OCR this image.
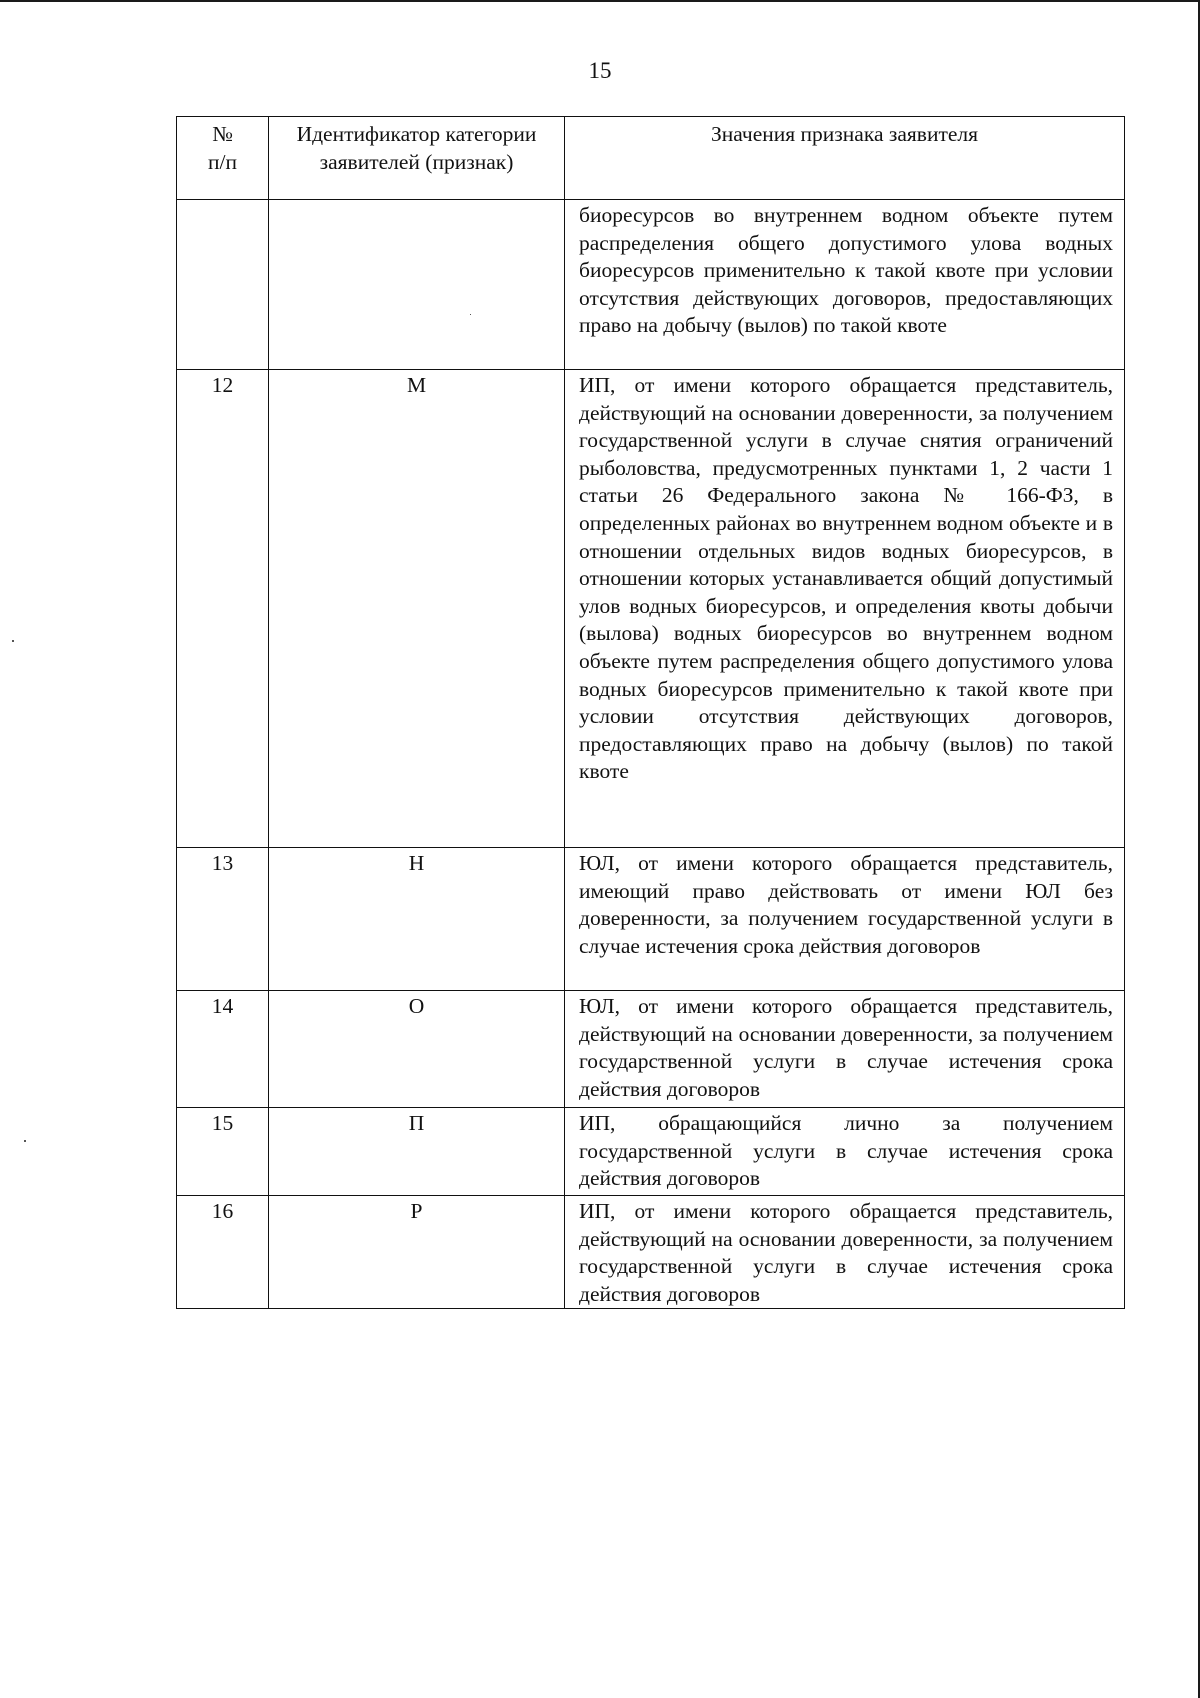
15
№ п/п	Идентификатор категории заявителей (признак)	Значения признака заявителя
		биоресурсов во внутреннем водном объекте путем распределения общего допустимого улова водных биоресурсов применительно к такой квоте при условии отсутствия действующих договоров, предоставляющих право на добычу (вылов) по такой квоте
12	М	ИП, от имени которого обращается представитель, действующий на основании доверенности, за получением государственной услуги в случае снятия ограничений рыболовства, предусмотренных пунктами 1, 2 части 1 статьи 26 Федерального закона № 166-ФЗ, в определенных районах во внутреннем водном объекте и в отношении отдельных видов водных биоресурсов, в отношении которых устанавливается общий допустимый улов водных биоресурсов, и определения квоты добычи (вылова) водных биоресурсов во внутреннем водном объекте путем распределения общего допустимого улова водных биоресурсов применительно к такой квоте при условии отсутствия действующих договоров, предоставляющих право на добычу (вылов) по такой квоте
13	Н	ЮЛ, от имени которого обращается представитель, имеющий право действовать от имени ЮЛ без доверенности, за получением государственной услуги в случае истечения срока действия договоров
14	О	ЮЛ, от имени которого обращается представитель, действующий на основании доверенности, за получением государственной услуги в случае истечения срока действия договоров
15	П	ИП, обращающийся лично за получением государственной услуги в случае истечения срока действия договоров
16	Р	ИП, от имени которого обращается представитель, действующий на основании доверенности, за получением государственной услуги в случае истечения срока действия договоров
